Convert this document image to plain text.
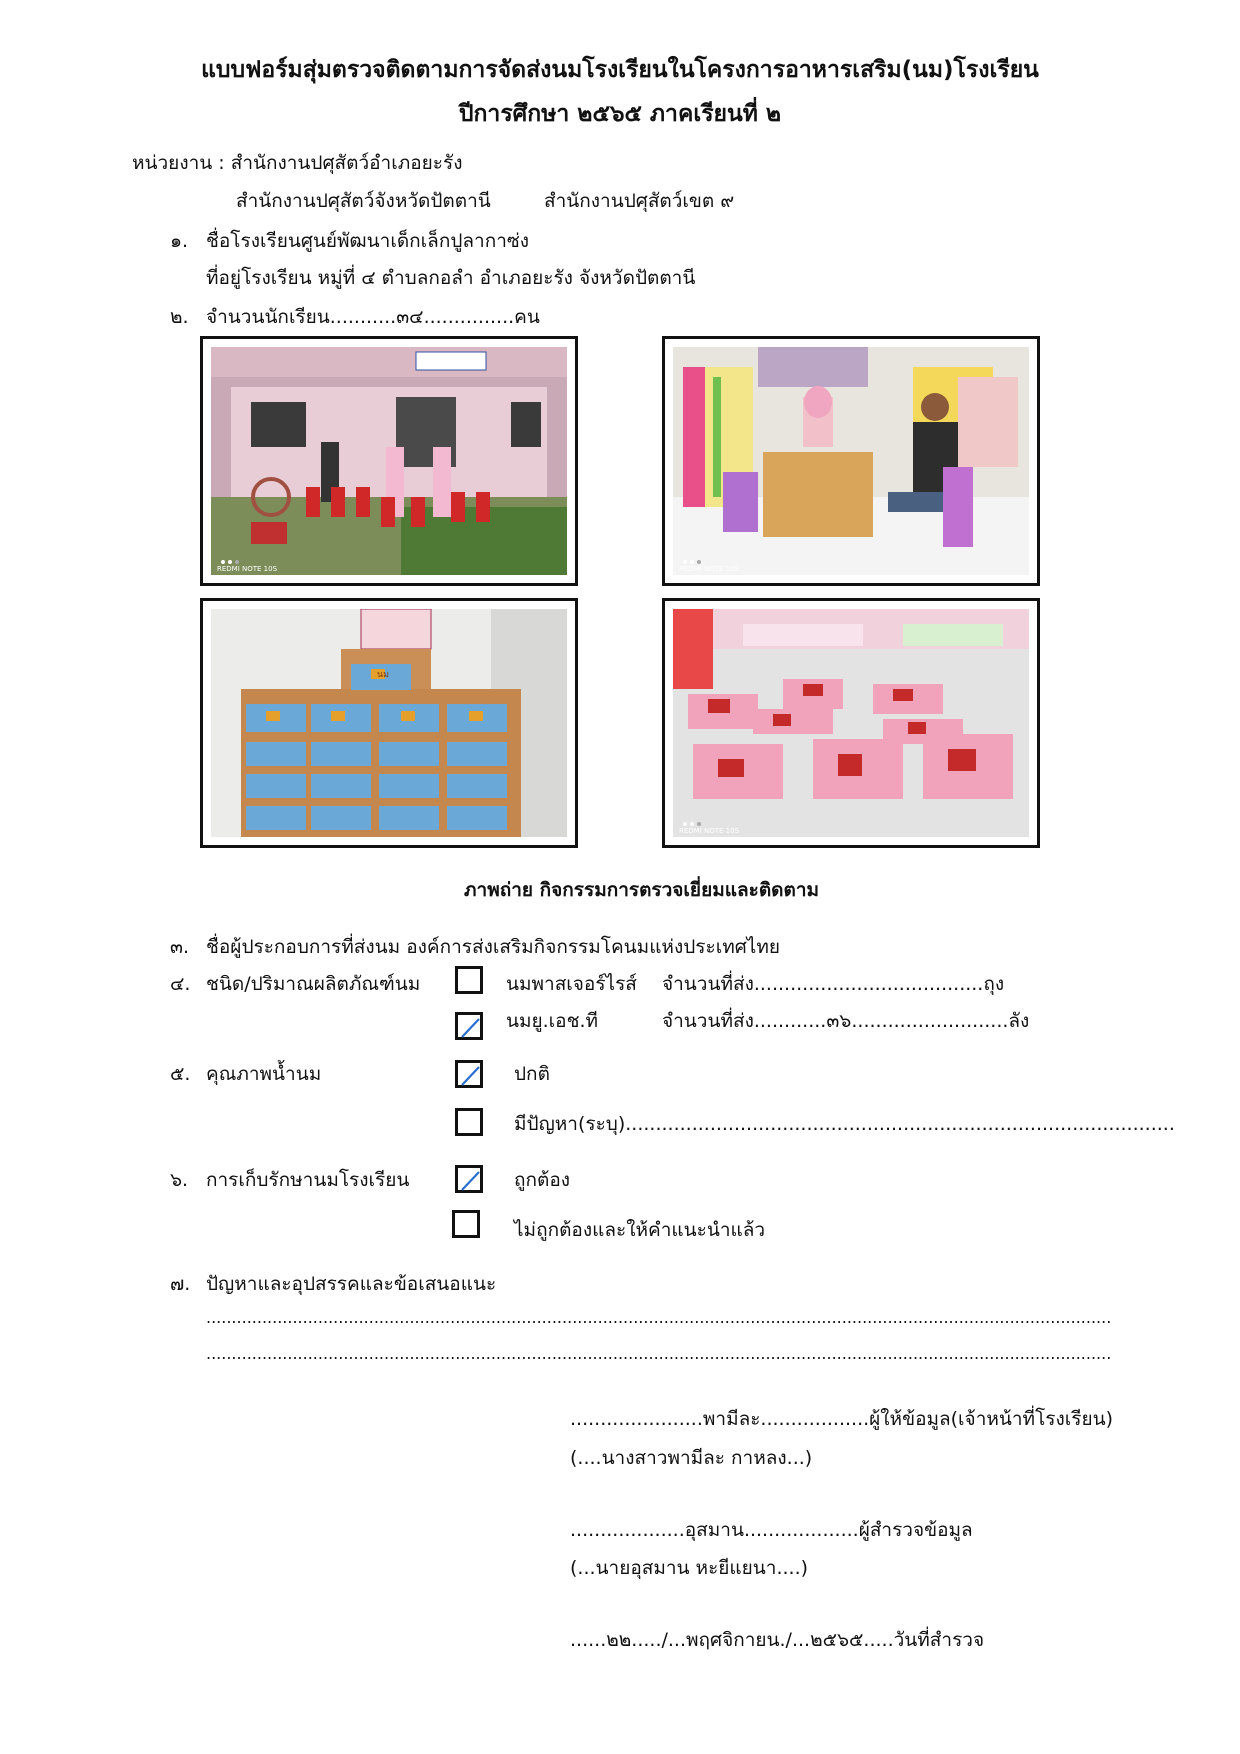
แบบฟอร์มสุ่มตรวจติดตามการจัดส่งนมโรงเรียนในโครงการอาหารเสริม(นม)โรงเรียน
ปีการศึกษา ๒๕๖๕ ภาคเรียนที่ ๒
หน่วยงาน : สำนักงานปศุสัตว์อำเภอยะรัง
สำนักงานปศุสัตว์จังหวัดปัตตานี	สำนักงานปศุสัตว์เขต ๙
๑. ชื่อโรงเรียนศูนย์พัฒนาเด็กเล็กปูลากาซ่ง
ที่อยู่โรงเรียน หมู่ที่ ๔ ตำบลกอลำ อำเภอยะรัง จังหวัดปัตตานี
๒. จำนวนนักเรียน...........๓๔...............คน
REDMI NOTE 10S	REDMI NOTE 10S
นม
REDMI NOTE 10S
ภาพถ่าย กิจกรรมการตรวจเยี่ยมและติดตาม
๓. ชื่อผู้ประกอบการที่ส่งนม องค์การส่งเสริมกิจกรรมโคนมแห่งประเทศไทย
๔. ชนิด/ปริมาณผลิตภัณฑ์นม	นมพาสเจอร์ไรส์ จำนวนที่ส่ง......................................ถุง
นมยู.เอช.ที	จำนวนที่ส่ง............๓๖..........................ลัง
๕. คุณภาพน้ำนม	ปกติ
มีปัญหา(ระบุ)...........................................................................................
๖. การเก็บรักษานมโรงเรียน	ถูกต้อง
ไม่ถูกต้องและให้คำแนะนำแล้ว
๗. ปัญหาและอุปสรรคและข้อเสนอแนะ
..................................................................................................................................................................................
..................................................................................................................................................................................
......................พามีละ..................ผู้ให้ข้อมูล(เจ้าหน้าที่โรงเรียน)
(....นางสาวพามีละ กาหลง...)
...................อุสมาน...................ผู้สำรวจข้อมูล
(...นายอุสมาน หะยีแยนา....)
......๒๒...../...พฤศจิกายน./...๒๕๖๕.....วันที่สำรวจ
